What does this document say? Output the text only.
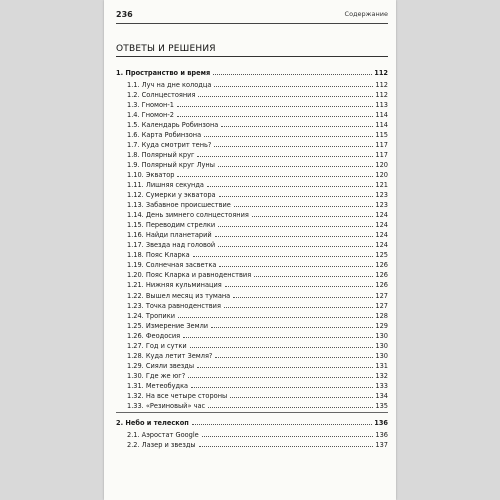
236	Содержание
ОТВЕТЫ И РЕШЕНИЯ
1. Пространство и время	112
1.1. Луч на дне колодца	112
1.2. Солнцестояния	112
1.3. Гномон-1	113
1.4. Гномон-2	114
1.5. Календарь Робинзона	114
1.6. Карта Робинзона	115
1.7. Куда смотрит тень?	117
1.8. Полярный круг	117
1.9. Полярный круг Луны	120
1.10. Экватор	120
1.11. Лишняя секунда	121
1.12. Сумерки у экватора	123
1.13. Забавное происшествие	123
1.14. День зимнего солнцестояния	124
1.15. Переводим стрелки	124
1.16. Найди планетарий	124
1.17. Звезда над головой	124
1.18. Пояс Кларка	125
1.19. Солнечная засветка	126
1.20. Пояс Кларка и равноденствия	126
1.21. Нижняя кульминация	126
1.22. Вышел месяц из тумана	127
1.23. Точка равноденствия	127
1.24. Тропики	128
1.25. Измерение Земли	129
1.26. Феодосия	130
1.27. Год и сутки	130
1.28. Куда летит Земля?	130
1.29. Сияли звезды	131
1.30. Где же юг?	132
1.31. Метеобудка	133
1.32. На все четыре стороны	134
1.33. «Резиновый» час	135
2. Небо и телескоп	136
2.1. Аэростат Google	136
2.2. Лазер и звезды	137
